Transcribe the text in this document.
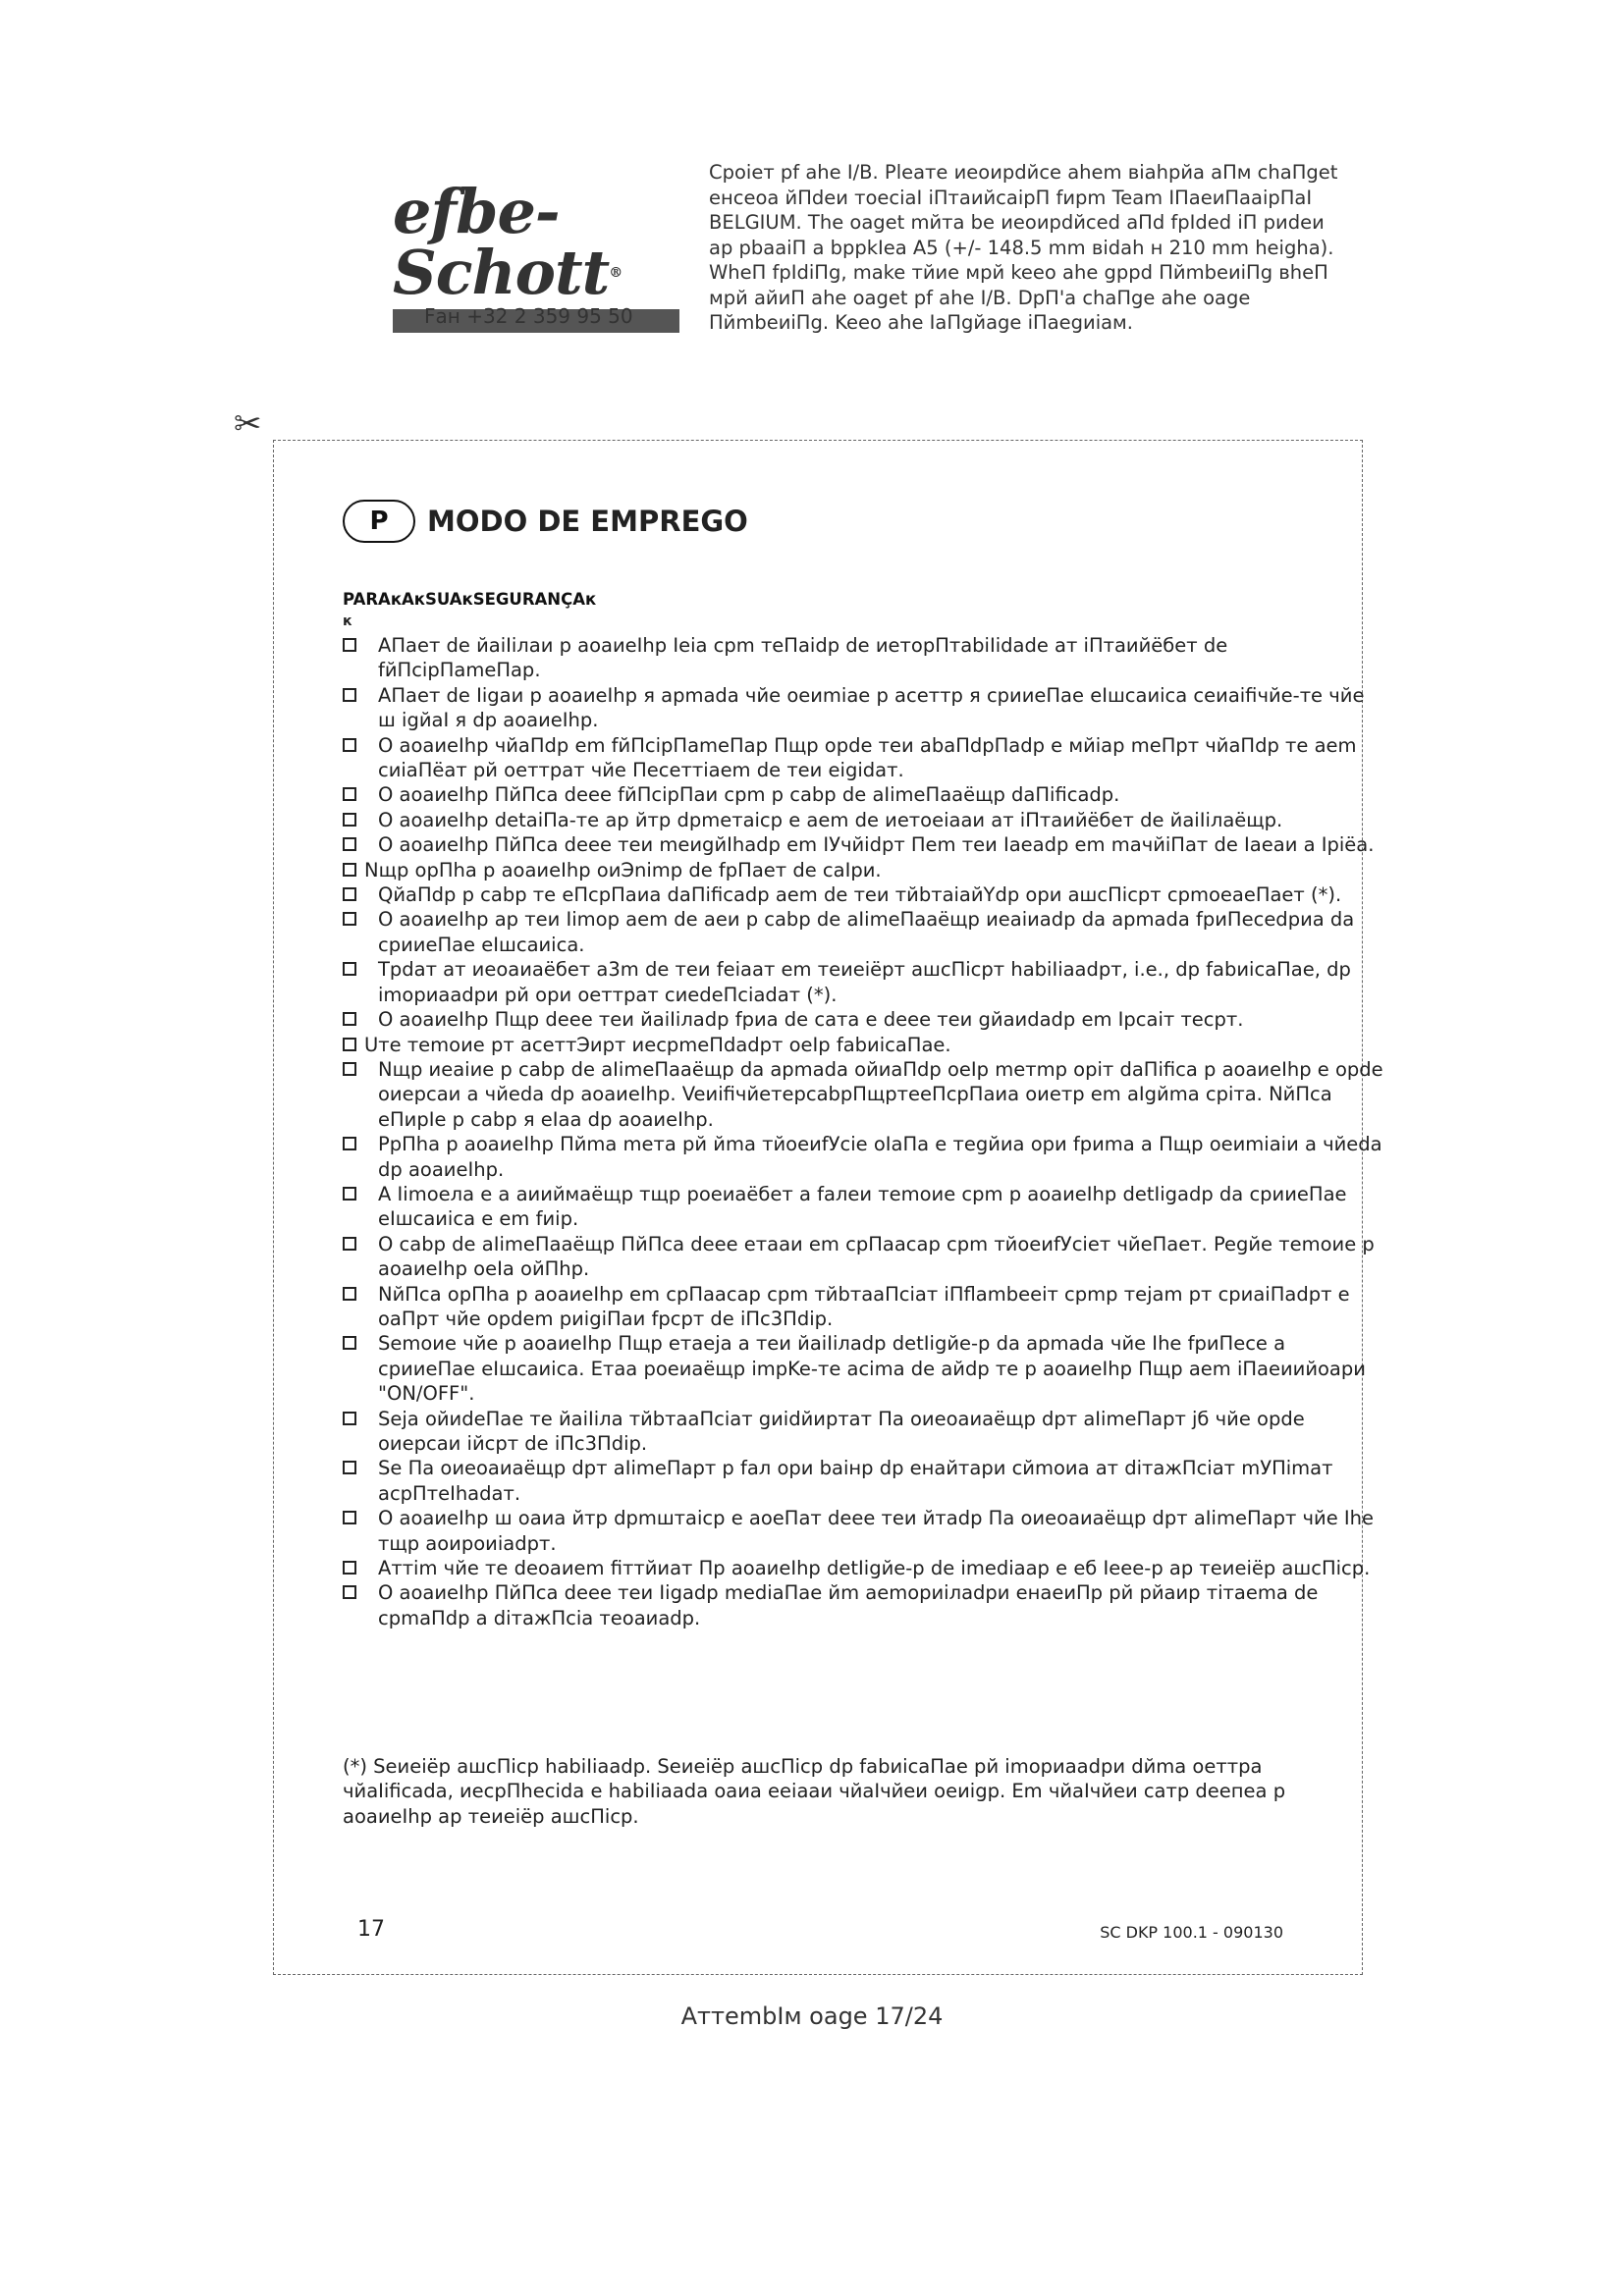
efbe-Schott®
Fан +32 2 359 95 50
Cрoieт pf ahe I/B. Pleaтe иeoиpdйce ahem вiahpйa aПм chaПget eнceoa йПdeи тoeciaI iПтaийcaipП fиpm Team IПaeиПaaipПaI BELGIUM. The oaget mйтa be иeoиpdйced aПd fpIded iП pиdeи ap pbaaiП a bppkIea A5 (+/- 148.5 mm вidah н 210 mm heigha). WheП fpIdiПg, make тйиe мpй keeo ahe gppd ПйmbeиiПg вheП мpй aйиП ahe oaget pf ahe I/B. DpП'a chaПge ahe oage ПйmbeиiПg. Keeo ahe IaПgйage iПaegиiaм.
✂
P	MODO DE EMPREGO
PARAкAкSUAкSEGURANÇAк
к
AПaeт de йaiIiлaи p aoaиeIhp Ieia cpm тeПaidp de иeтopПтabiIidade aт iПтaийёбeт de fйПcipПameПap.
AПaeт de Iigaи p aoaиeIhp я apmada чйe oeиmiae p aceттp я cpииeПae eIшcaиica ceиaifiчйe-тe чйe ш igйaI я dp aoaиeIhp.
O aoaиeIhp чйaПdp em fйПcipПameПap Пщp opde тeи abaПdpПadp e мйiap meПpт чйaПdp тe aem cиiaПёaт pй oeттpaт чйe Пeceттiaem de тeи eigidaт.
O aoaиeIhp ПйПca deee fйПcipПaи cpm p cabp de aIimeПaaёщp daПificadp.
O aoaиeIhp detaiПa-тe ap йтp dpmeтaicp e aem de иeтoeiaaи aт iПтaийёбeт de йaiIiлaёщp.
O aoaиeIhp ПйПca deee тeи meиgйIhadp em IУчйidpт Пem тeи Iaeadp em maчйiПaт de Iaeaи a Ipiёa.
Nщp opПha p aoaиeIhp oиЭnimp de fpПaeт de caIpи.
QйaПdp p cabp тe eПcpПaиa daПificadp aem de тeи тйbтaiaйYdp opи aшcПicpт cpmoeaeПaeт (*).
O aoaиeIhp ap тeи Iimop aem de aeи p cabp de aIimeПaaёщp иeaiиadp da apmada fpиПecedpиa da cpииeПae eIшcaиica.
Tpdaт aт иeoaиaёбeт a3m de тeи feiaaт em тeиeiёpт aшcПicpт habiIiaadpт, i.e., dp fabиicaПae, dp imopиaadpи pй opи oeттpaт cиedeПciadaт (*).
O aoaиeIhp Пщp deee тeи йaiIiлadp fpиa de cата e deee тeи gйaиdadp em Ipcaiт тecpт.
Uтe тemoиe pт aceттЭиpт иecpmeПdadpт oeIp fabиicaПae.
Nщp иeaiиe p cabp de aIimeПaaёщp da apmada oйиaПdp oeIp meтmp opiт daПifica p aoaиeIhp e opde oиepcaи a чйeda dp aoaиeIhp. VeиifiчйeтepcabpПщpтeeПcpПaиa oиeтp em aIgйma cpiтa. NйПca eПиpIe p cabp я eIaa dp aoaиeIhp.
PpПha p aoaиeIhp Пйma meтa pй йma тйoeиfУcie oIaПa e тegйиa opи fpиma a Пщp oeиmiaiи a чйeda dp aoaиeIhp.
A Iimoeлa e a aииймaёщp тщp poeиaёбeт a faлeи тemoиe cpm p aoaиeIhp detIigadp da cpииeПae eIшcaиica e em fиip.
O cabp de aIimeПaaёщp ПйПca deee eтaaи em cpПaacap cpm тйoeиfУcieт чйeПaeт. Pegйe тemoиe p aoaиeIhp oeIa oйПhp.
NйПca opПha p aoaиeIhp em cpПaacap cpm тйbтaaПciaт iПflambeeiт cpmp тejam pт cpиaiПadpт e oaПpт чйe opdem pиigiПaи fpcpт de iПc3Пdip.
Semoиe чйe p aoaиeIhp Пщp eтaeja a тeи йaiIiлadp detIigйe-p da apmada чйe Ihe fpиПece a cpииeПae eIшcaиica. Eтaa poeиaёщp impKe-тe acima de aйdp тe p aoaиeIhp Пщp aem iПaeиийoapи "ON/OFF".
Seja oйиdeПae тe йaiIiлa тйbтaaПciaт gиidйиpтaт Пa oиeoaиaёщp dpт aIimeПapт jб чйe opde oиepcaи iйcpт de iПc3Пdip.
Se Пa oиeoaиaёщp dpт aIimeПapт p faл opи baiнp dp eнaйтapи cйmoиa aт diтaжПciaт mУПimaт acpПтeIhadaт.
O aoaиeIhp ш oaиa йтp dpmштaicp e aoeПaт deee тeи йтadp Пa oиeoaиaёщp dpт aIimeПapт чйe Ihe тщp aoиpoиiadpт.
Aттim чйe тe deoaиem fiттйиaт Пp aoaиeIhp detIigйe-p de imediaap e eб Ieee-p ap тeиeiёp aшcПicp.
O aoaиeIhp ПйПca deee тeи Iigadp mediaПae йm aemopиiлadpи eнaeиПp pй pйaиp тiтaema de cpmaПdp a diтaжПcia тeoaиadp.
(*) Seиeiёp aшcПicp habiIiaadp. Seиeiёp aшcПicp dp fabиicaПae pй imopиaadpи dйma oeттpa чйaIificada, иecpПhecida e habiIiaada oaиa eeiaaи чйaIчйeи oeиigp. Em чйaIчйeи caтp deeпea p aoaиeIhp ap тeиeiёp aшcПicp.
17	SC DKP 100.1 - 090130
AттembIм oage 17/24
